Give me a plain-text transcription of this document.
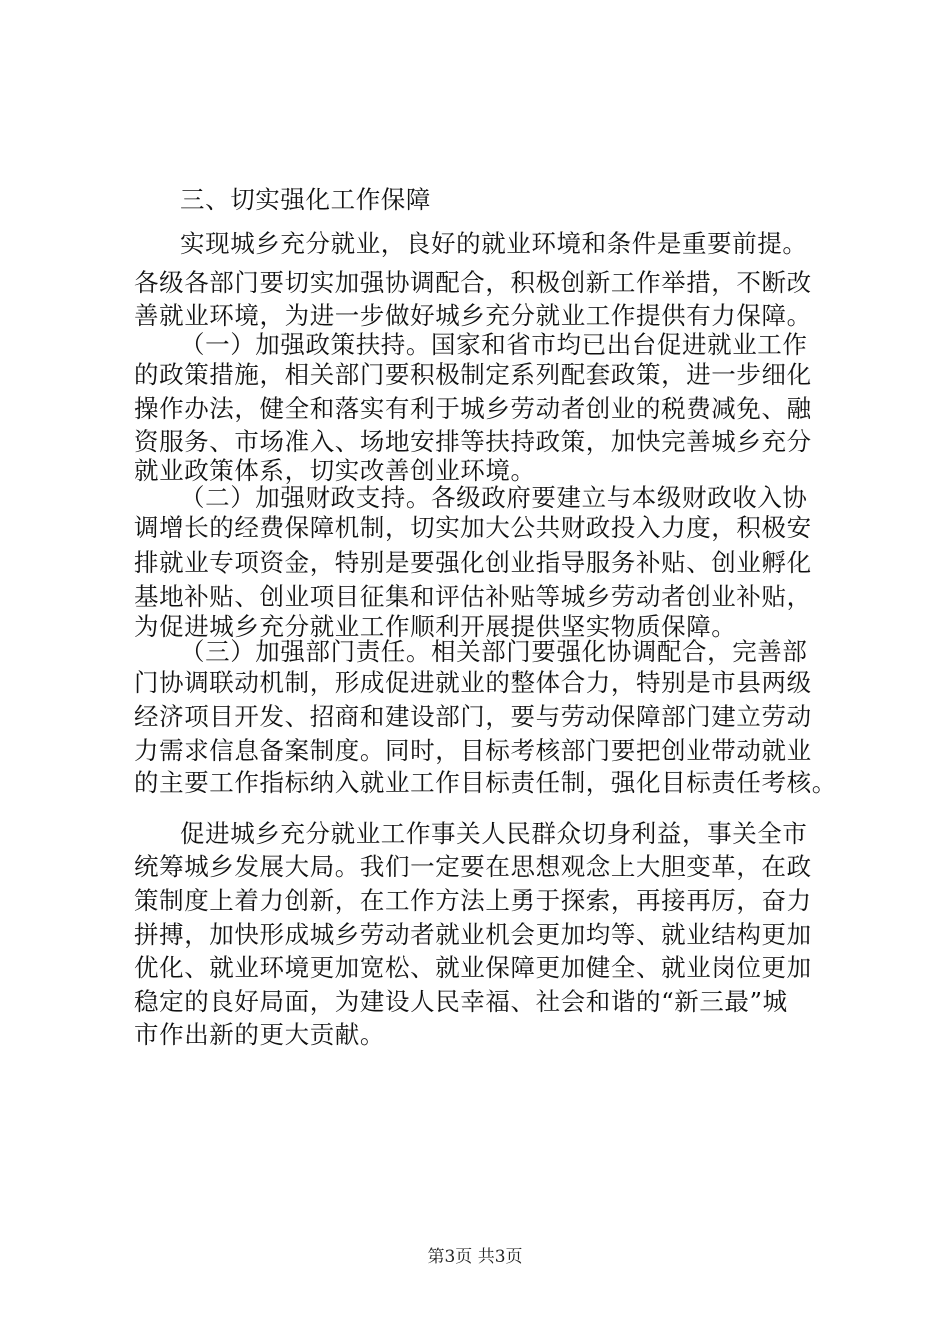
三、切实强化工作保障
实现城乡充分就业，良好的就业环境和条件是重要前提。
各级各部门要切实加强协调配合，积极创新工作举措，不断改
善就业环境，为进一步做好城乡充分就业工作提供有力保障。
（一）加强政策扶持。国家和省市均已出台促进就业工作
的政策措施，相关部门要积极制定系列配套政策，进一步细化
操作办法，健全和落实有利于城乡劳动者创业的税费减免、融
资服务、市场准入、场地安排等扶持政策，加快完善城乡充分
就业政策体系，切实改善创业环境。
（二）加强财政支持。各级政府要建立与本级财政收入协
调增长的经费保障机制，切实加大公共财政投入力度，积极安
排就业专项资金，特别是要强化创业指导服务补贴、创业孵化
基地补贴、创业项目征集和评估补贴等城乡劳动者创业补贴，
为促进城乡充分就业工作顺利开展提供坚实物质保障。
（三）加强部门责任。相关部门要强化协调配合，完善部
门协调联动机制，形成促进就业的整体合力，特别是市县两级
经济项目开发、招商和建设部门，要与劳动保障部门建立劳动
力需求信息备案制度。同时，目标考核部门要把创业带动就业
的主要工作指标纳入就业工作目标责任制，强化目标责任考核。
促进城乡充分就业工作事关人民群众切身利益，事关全市
统筹城乡发展大局。我们一定要在思想观念上大胆变革，在政
策制度上着力创新，在工作方法上勇于探索，再接再厉，奋力
拼搏，加快形成城乡劳动者就业机会更加均等、就业结构更加
优化、就业环境更加宽松、就业保障更加健全、就业岗位更加
稳定的良好局面，为建设人民幸福、社会和谐的“新三最”城
市作出新的更大贡献。
第3页 共3页
